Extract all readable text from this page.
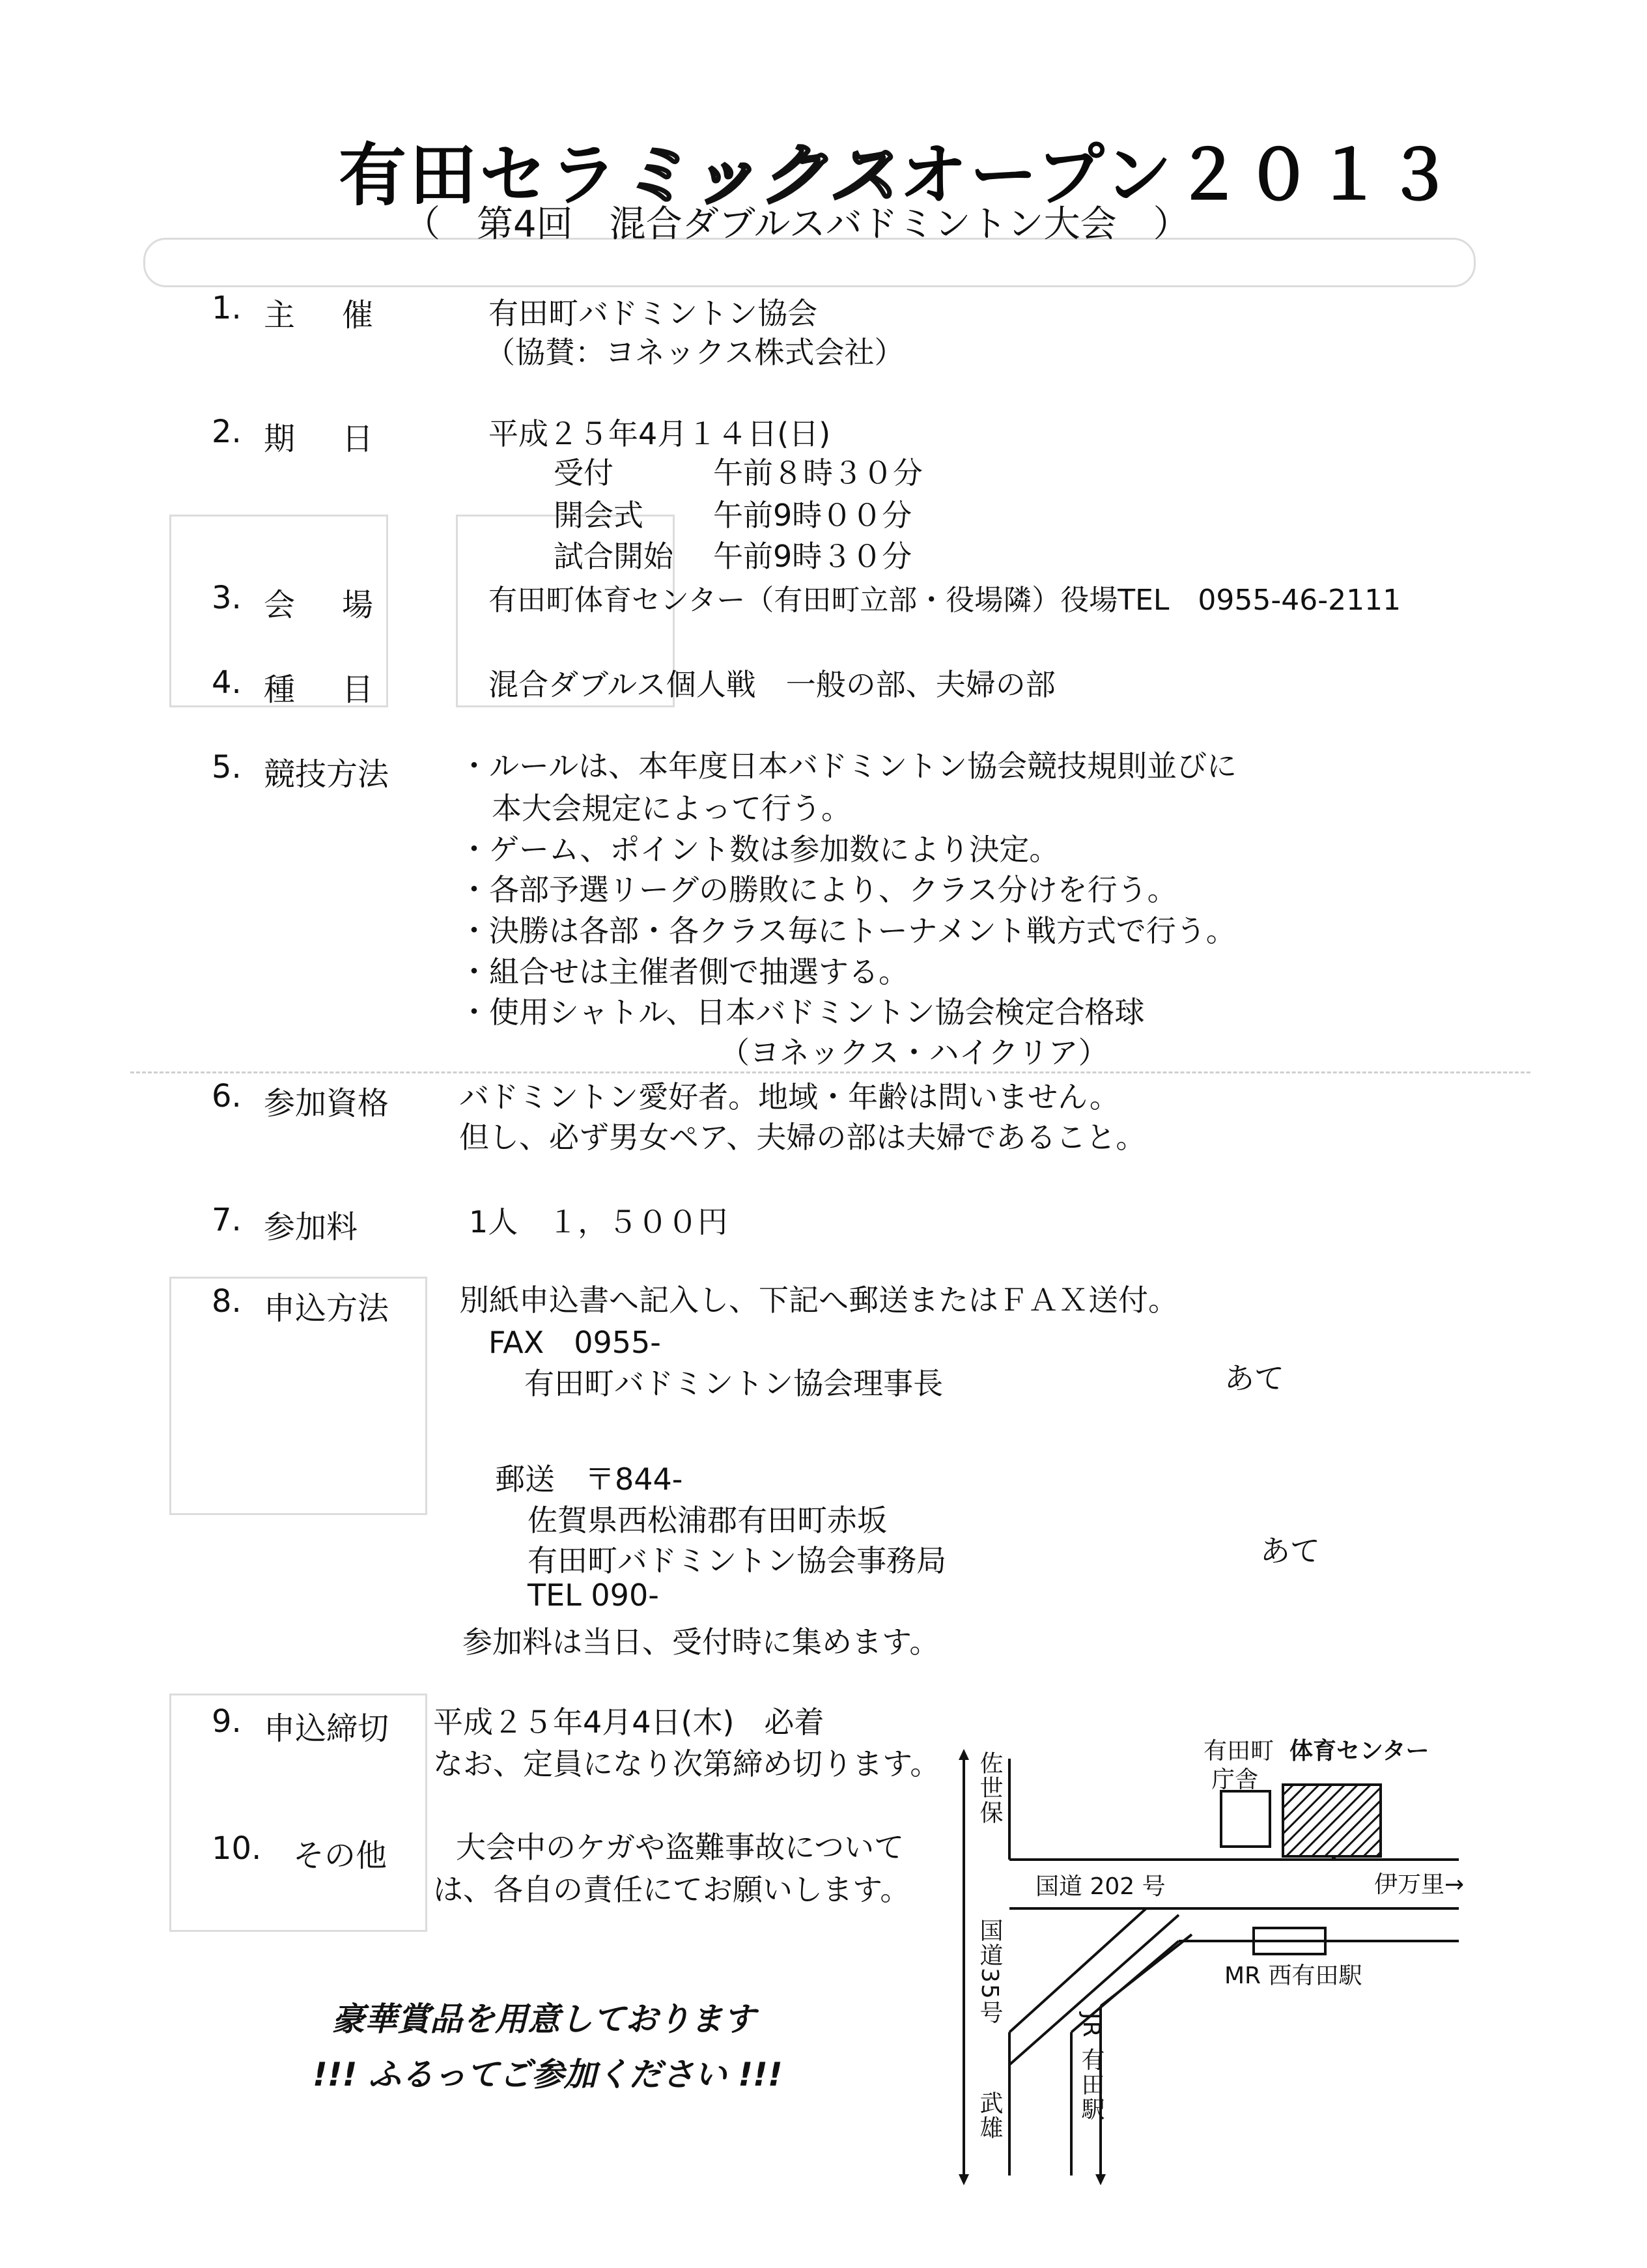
有田セラミックスオープン２０１３
（　第4回　混合ダブルスバドミントン大会　）
1. 主　催	有田町バドミントン協会
（協賛：ヨネックス株式会社）
2. 期　日	平成２５年4月１４日(日)
受付	午前８時３０分
開会式 午前9時００分
試合開始 午前9時３０分
3. 会　場	有田町体育センター（有田町立部・役場隣）役場TEL　0955-46-2111
4. 種　目	混合ダブルス個人戦　一般の部、夫婦の部
5. 競技方法 ・ルールは、本年度日本バドミントン協会競技規則並びに
本大会規定によって行う。
・ゲーム、ポイント数は参加数により決定。
・各部予選リーグの勝敗により、クラス分けを行う。
・決勝は各部・各クラス毎にトーナメント戦方式で行う。
・組合せは主催者側で抽選する。
・使用シャトル、日本バドミントン協会検定合格球
（ヨネックス・ハイクリア）
6. 参加資格 バドミントン愛好者。地域・年齢は問いません。
但し、必ず男女ペア、夫婦の部は夫婦であること。
7. 参加料	1人　１，５００円
8. 申込方法 別紙申込書へ記入し、下記へ郵送またはＦＡＸ送付。
FAX　0955-
有田町バドミントン協会理事長	あて
郵送　〒844-
佐賀県西松浦郡有田町赤坂
有田町バドミントン協会事務局	あて
TEL 090-
参加料は当日、受付時に集めます。
9. 申込締切 平成２５年4月4日(木)　必着
なお、定員になり次第締め切ります。
10. その他 大会中のケガや盗難事故について
は、各自の責任にてお願いします。
豪華賞品を用意しております
!!! ふるってご参加ください !!!
佐世保	有田町
庁舎
体育センター
国道 202 号	伊万里→
国道35号	MR 西有田駅
武雄	JR 有田駅
